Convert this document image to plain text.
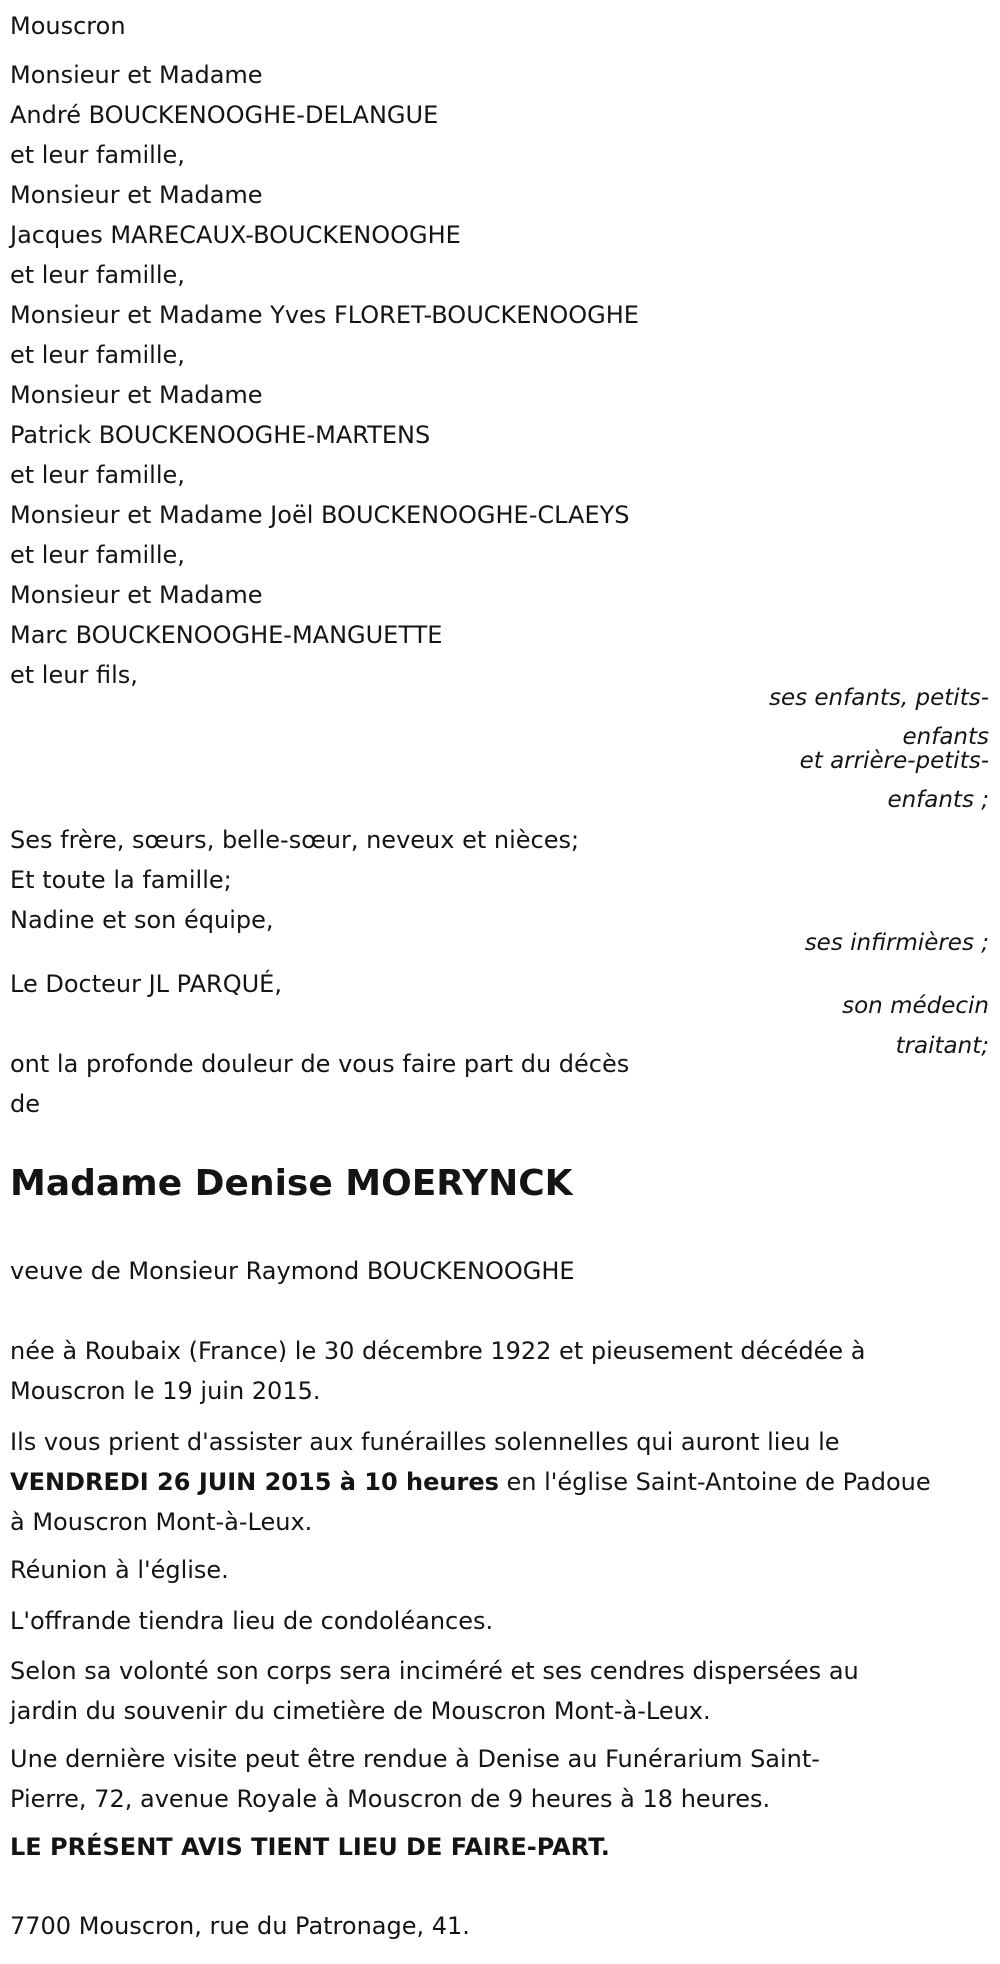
Mouscron
Monsieur et Madame
André BOUCKENOOGHE-DELANGUE
et leur famille,
Monsieur et Madame
Jacques MARECAUX-BOUCKENOOGHE
et leur famille,
Monsieur et Madame Yves FLORET-BOUCKENOOGHE
et leur famille,
Monsieur et Madame
Patrick BOUCKENOOGHE-MARTENS
et leur famille,
Monsieur et Madame Joël BOUCKENOOGHE-CLAEYS
et leur famille,
Monsieur et Madame
Marc BOUCKENOOGHE-MANGUETTE
et leur fils,
ses enfants, petits-
enfants
et arrière-petits-
enfants ;
ses infirmières ;
son médecin
traitant;
Ses frère, sœurs, belle-sœur, neveux et nièces;
Et toute la famille;
Nadine et son équipe,
Le Docteur JL PARQUÉ,
ont la profonde douleur de vous faire part du décès
de
Madame Denise MOERYNCK
veuve de Monsieur Raymond BOUCKENOOGHE
née à Roubaix (France) le 30 décembre 1922 et pieusement décédée à
Mouscron le 19 juin 2015.
Ils vous prient d'assister aux funérailles solennelles qui auront lieu le
VENDREDI 26 JUIN 2015 à 10 heures en l'église Saint-Antoine de Padoue
à Mouscron Mont-à-Leux.
Réunion à l'église.
L'offrande tiendra lieu de condoléances.
Selon sa volonté son corps sera inciméré et ses cendres dispersées au
jardin du souvenir du cimetière de Mouscron Mont-à-Leux.
Une dernière visite peut être rendue à Denise au Funérarium Saint-
Pierre, 72, avenue Royale à Mouscron de 9 heures à 18 heures.
LE PRÉSENT AVIS TIENT LIEU DE FAIRE-PART.
7700 Mouscron, rue du Patronage, 41.
